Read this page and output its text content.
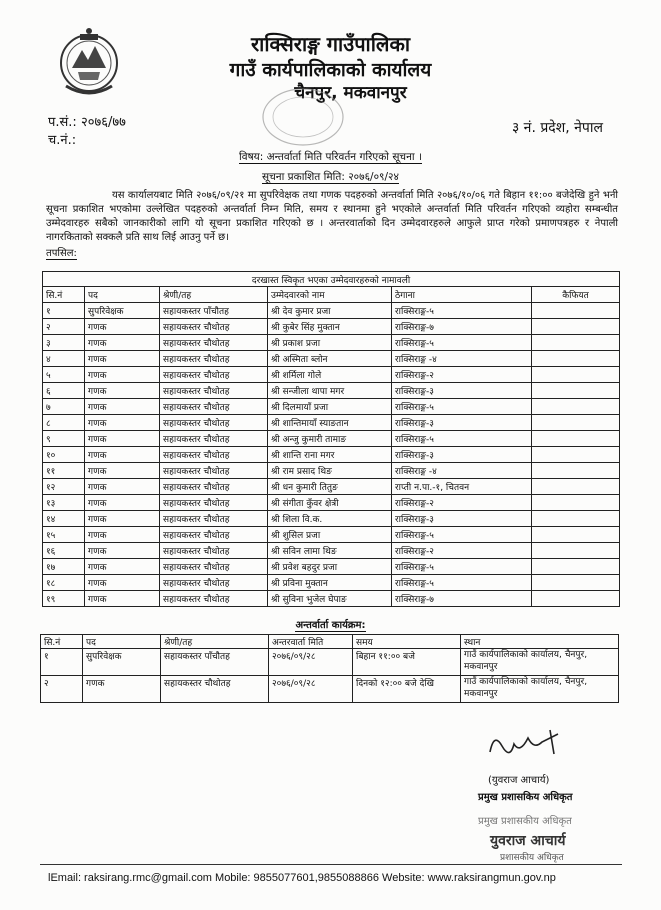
राक्सिराङ्ग गाउँपालिका
गाउँ कार्यपालिकाको कार्यालय
चैनपुर, मकवानपुर
प.सं.: २०७६/७७
च.नं.:
३ नं. प्रदेश, नेपाल
विषय: अन्तर्वार्ता मिति परिवर्तन गरिएको सूचना ।
सूचना प्रकाशित मिति: २०७६/०९/२४
यस कार्यालयबाट मिति २०७६/०९/२१ मा सुपरिवेक्षक तथा गणक पदहरुको अन्तर्वार्ता मिति २०७६/१०/०६ गते बिहान ११:०० बजेदेखि हुने भनी सूचना प्रकाशित भएकोमा उल्लेखित पदहरुको अन्तर्वार्ता निम्न मिति, समय र स्थानमा हुने भएकोले अन्तर्वार्ता मिति परिवर्तन गरिएको व्यहोरा सम्बन्धीत उम्मेदवारहरु सबैको जानकारीको लागि यो सूचना प्रकाशित गरिएको छ । अन्तरवार्ताको दिन उम्मेदवारहरुले आफुले प्राप्त गरेको प्रमाणपत्रहरु र नेपाली नागरकिताको सक्कलै प्रति साथ लिई आउनु पर्ने छ।
तपसिल:
दरखास्त स्विकृत भएका उम्मेदवारहरुको नामावली					
सि.नं	पद	श्रेणी/तह	उम्मेदवारको नाम	ठेगाना	कैफियत
१	सुपरिवेक्षक	सहायकस्तर पाँचौतह	श्री देव कुमार प्रजा	राक्सिराङ्ग-५	
२	गणक	सहायकस्तर चौथोतह	श्री कुबेर सिंह मुक्तान	राक्सिराङ्ग-७	
३	गणक	सहायकस्तर चौथोतह	श्री प्रकाश प्रजा	राक्सिराङ्ग-५	
४	गणक	सहायकस्तर चौथोतह	श्री अस्मिता ब्लोन	राक्सिराङ्ग -४	
५	गणक	सहायकस्तर चौथोतह	श्री शर्मिला गोले	राक्सिराङ्ग-२	
६	गणक	सहायकस्तर चौथोतह	श्री सन्जीला थापा मगर	राक्सिराङ्ग-३	
७	गणक	सहायकस्तर चौथोतह	श्री दिलमायाँ प्रजा	राक्सिराङ्ग-५	
८	गणक	सहायकस्तर चौथोतह	श्री शान्तिमायाँ स्याङतान	राक्सिराङ्ग-३	
९	गणक	सहायकस्तर चौथोतह	श्री अन्जु कुमारी तामाङ	राक्सिराङ्ग-५	
१०	गणक	सहायकस्तर चौथोतह	श्री शान्ति राना मगर	राक्सिराङ्ग-३	
११	गणक	सहायकस्तर चौथोतह	श्री राम प्रसाद थिङ	राक्सिराङ्ग -४	
१२	गणक	सहायकस्तर चौथोतह	श्री धन कुमारी तितुङ	राप्ती न.पा.-१, चितवन	
१३	गणक	सहायकस्तर चौथोतह	श्री संगीता कुँवर क्षेत्री	राक्सिराङ्ग-२	
१४	गणक	सहायकस्तर चौथोतह	श्री शिला वि.क.	राक्सिराङ्ग-३	
१५	गणक	सहायकस्तर चौथोतह	श्री शुसिल प्रजा	राक्सिराङ्ग-५	
१६	गणक	सहायकस्तर चौथोतह	श्री सविन लामा थिङ	राक्सिराङ्ग-२	
१७	गणक	सहायकस्तर चौथोतह	श्री प्रवेश बहदुर प्रजा	राक्सिराङ्ग-५	
१८	गणक	सहायकस्तर चौथोतह	श्री प्रविना मुक्तान	राक्सिराङ्ग-५	
१९	गणक	सहायकस्तर चौथोतह	श्री सुविना भुजेल घेपाङ	राक्सिराङ्ग-७	
अन्तर्वार्ता कार्यक्रम:
सि.नं	पद	श्रेणी/तह	अन्तरवार्ता मिति	समय	स्थान
१	सुपरिवेक्षक	सहायकस्तर पाँचौतह	२०७६/०९/२८	बिहान ११:०० बजे	गाउँ कार्यपालिकाको कार्यालय, चैनपुर, मकवानपुर
२	गणक	सहायकस्तर चौथोतह	२०७६/०९/२८	दिनको १२:०० बजे देखि	गाउँ कार्यपालिकाको कार्यालय, चैनपुर, मकवानपुर
(युवराज आचार्य)
प्रमुख प्रशासकिय अधिकृत
प्रमुख प्रशासकीय अधिकृत
युवराज आचार्य
प्रशासकीय अधिकृत
lEmail: raksirang.rmc@gmail.com Mobile: 9855077601,9855088866 Website: www.raksirangmun.gov.np
